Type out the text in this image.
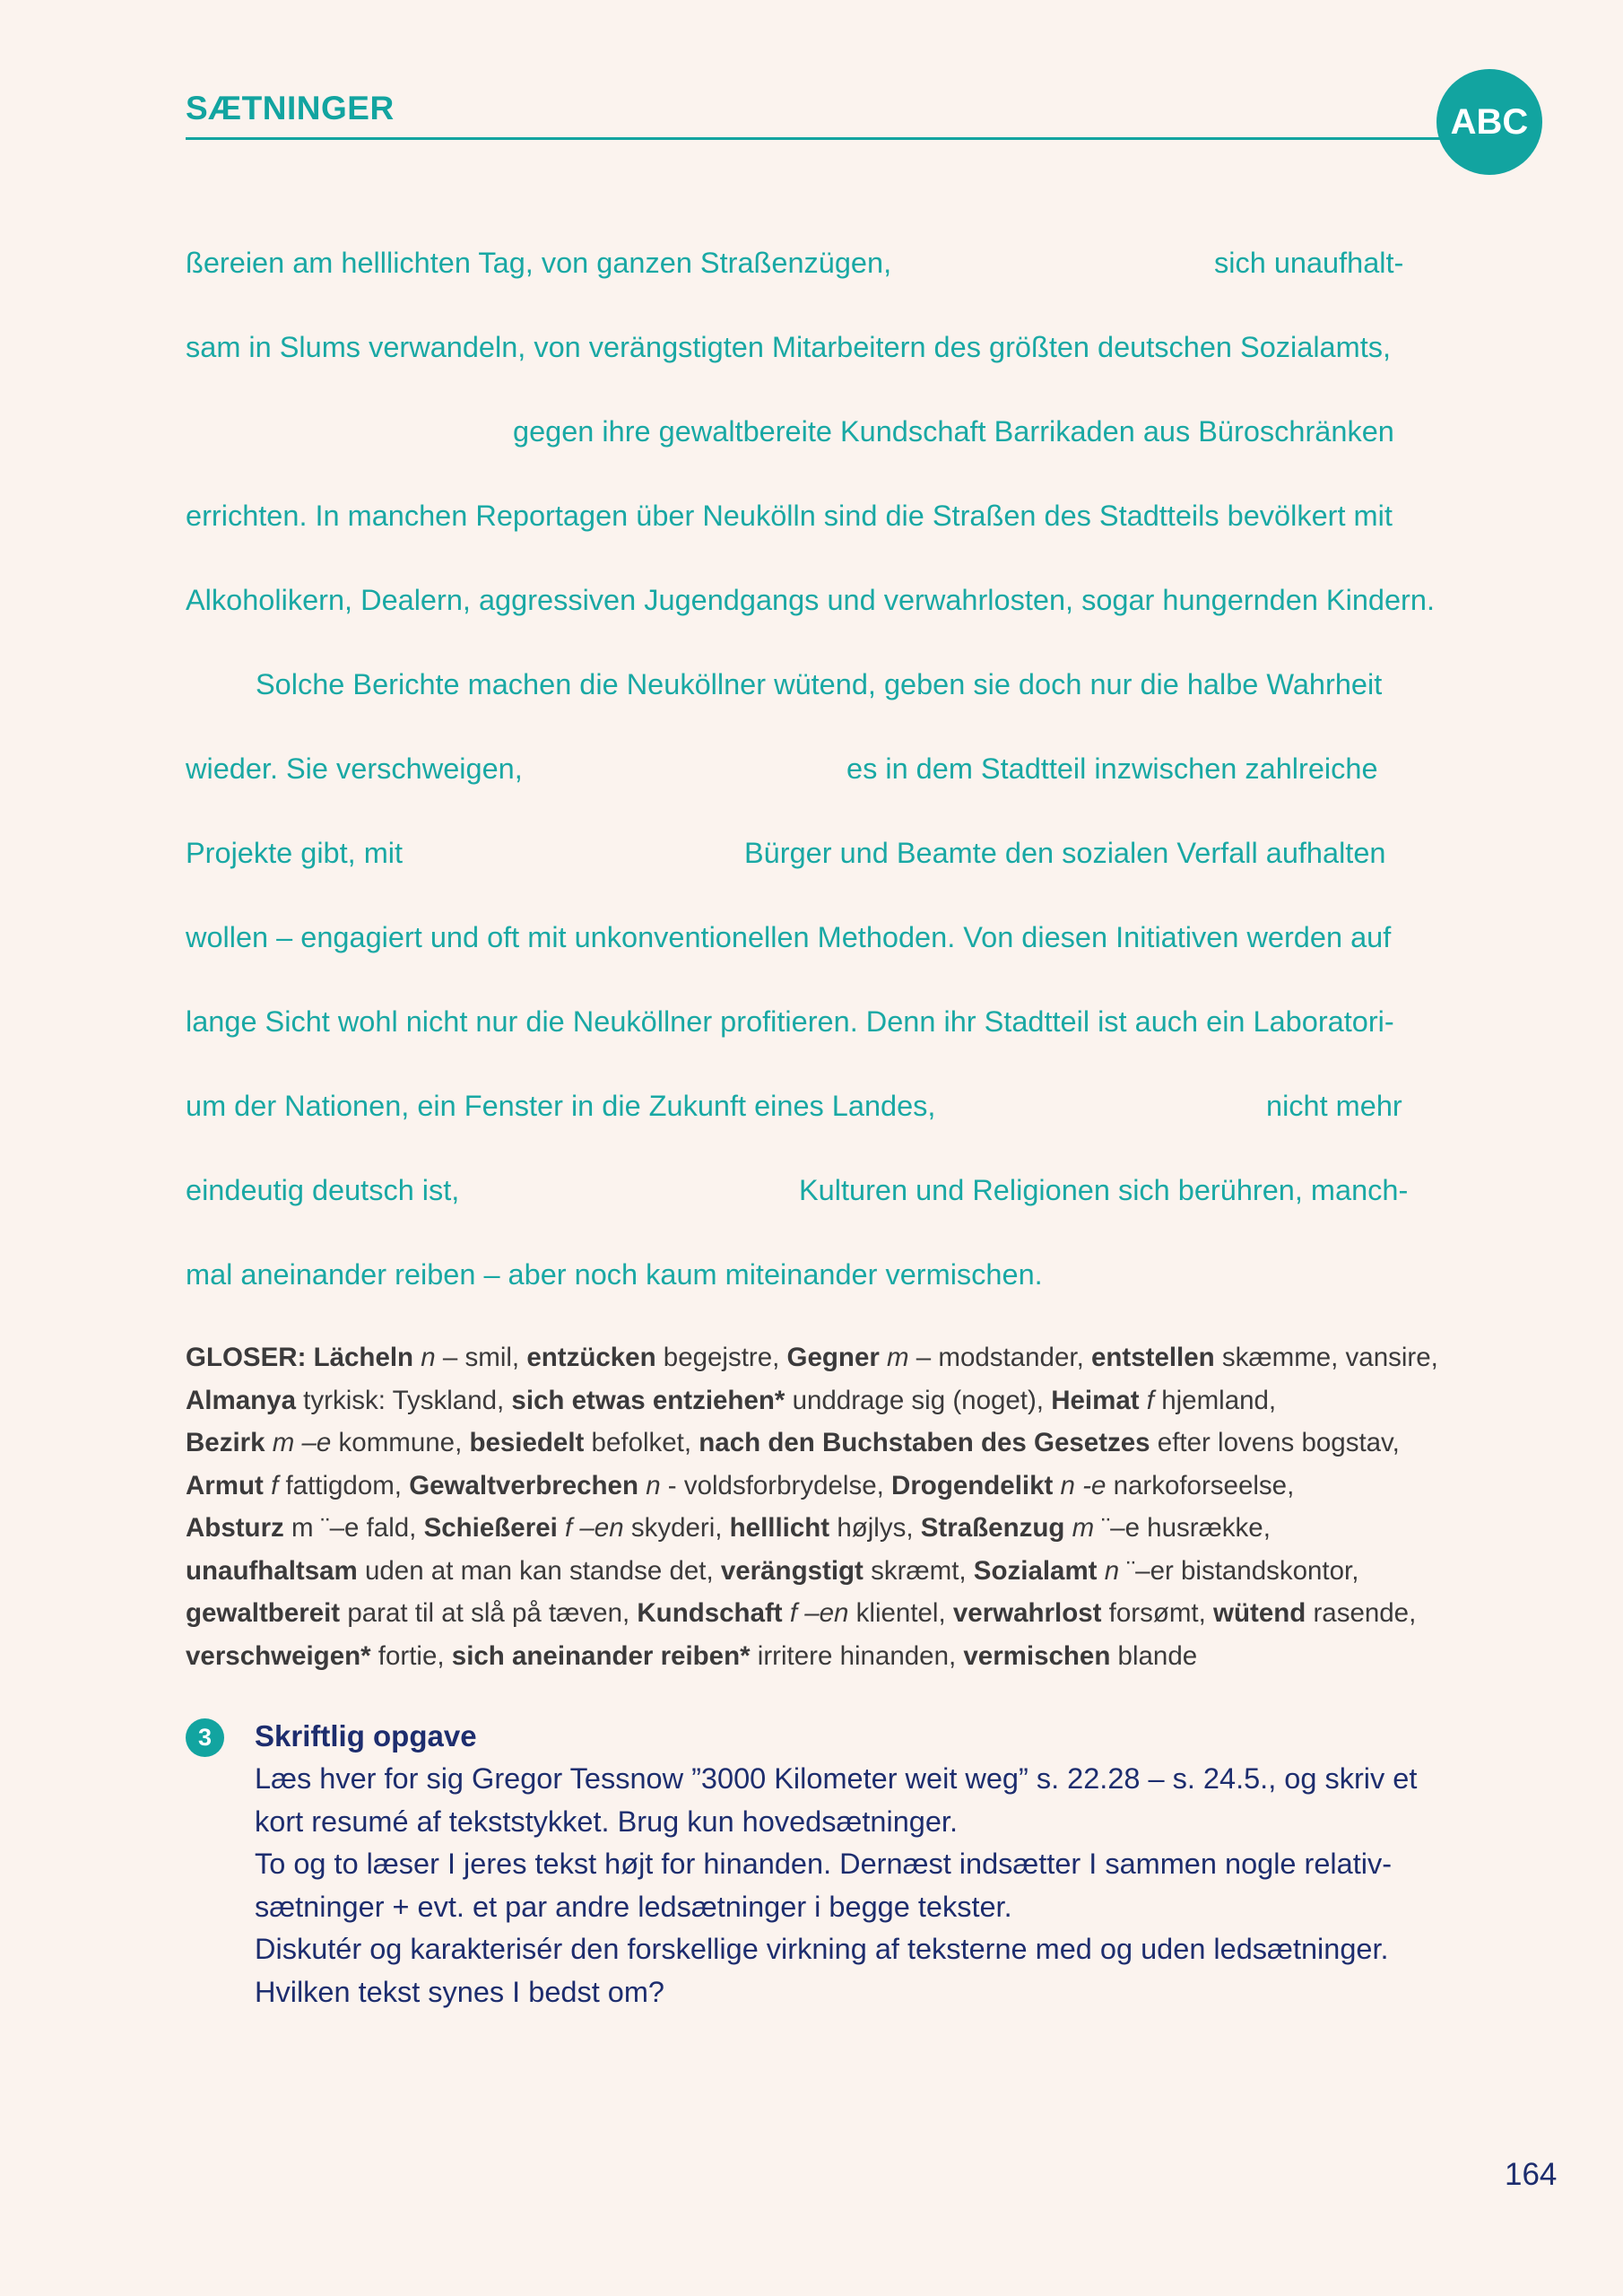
SÆTNINGER	ABC
ßereien am helllichten Tag, von ganzen Straßenzügen,	sich unaufhalt-
sam in Slums verwandeln, von verängstigten Mitarbeitern des größten deutschen Sozialamts,
gegen ihre gewaltbereite Kundschaft Barrikaden aus Büroschränken
errichten. In manchen Reportagen über Neukölln sind die Straßen des Stadtteils bevölkert mit
Alkoholikern, Dealern, aggressiven Jugendgangs und verwahrlosten, sogar hungernden Kindern.
Solche Berichte machen die Neuköllner wütend, geben sie doch nur die halbe Wahrheit
wieder. Sie verschweigen,	es in dem Stadtteil inzwischen zahlreiche
Projekte gibt, mit	Bürger und Beamte den sozialen Verfall aufhalten
wollen – engagiert und oft mit unkonventionellen Methoden. Von diesen Initiativen werden auf
lange Sicht wohl nicht nur die Neuköllner profitieren. Denn ihr Stadtteil ist auch ein Laboratori-
um der Nationen, ein Fenster in die Zukunft eines Landes,	nicht mehr
eindeutig deutsch ist,	Kulturen und Religionen sich berühren, manch-
mal aneinander reiben – aber noch kaum miteinander vermischen.
GLOSER: Lächeln n – smil, entzücken begejstre, Gegner m – modstander, entstellen skæmme, vansire,
Almanya tyrkisk: Tyskland, sich etwas entziehen* unddrage sig (noget), Heimat f hjemland,
Bezirk m –e kommune, besiedelt befolket, nach den Buchstaben des Gesetzes efter lovens bogstav,
Armut f fattigdom, Gewaltverbrechen n - voldsforbrydelse, Drogendelikt n -e narkoforseelse,
Absturz m ¨–e fald, Schießerei f –en skyderi, helllicht højlys, Straßenzug m ¨–e husrække,
unaufhaltsam uden at man kan standse det, verängstigt skræmt, Sozialamt n ¨–er bistandskontor,
gewaltbereit parat til at slå på tæven, Kundschaft f –en klientel, verwahrlost forsømt, wütend rasende,
verschweigen* fortie, sich aneinander reiben* irritere hinanden, vermischen blande
3	Skriftlig opgave
Læs hver for sig Gregor Tessnow ”3000 Kilometer weit weg” s. 22.28 – s. 24.5., og skriv et
kort resumé af tekststykket. Brug kun hovedsætninger.
To og to læser I jeres tekst højt for hinanden. Dernæst indsætter I sammen nogle relativ-
sætninger + evt. et par andre ledsætninger i begge tekster.
Diskutér og karakterisér den forskellige virkning af teksterne med og uden ledsætninger.
Hvilken tekst synes I bedst om?
164
